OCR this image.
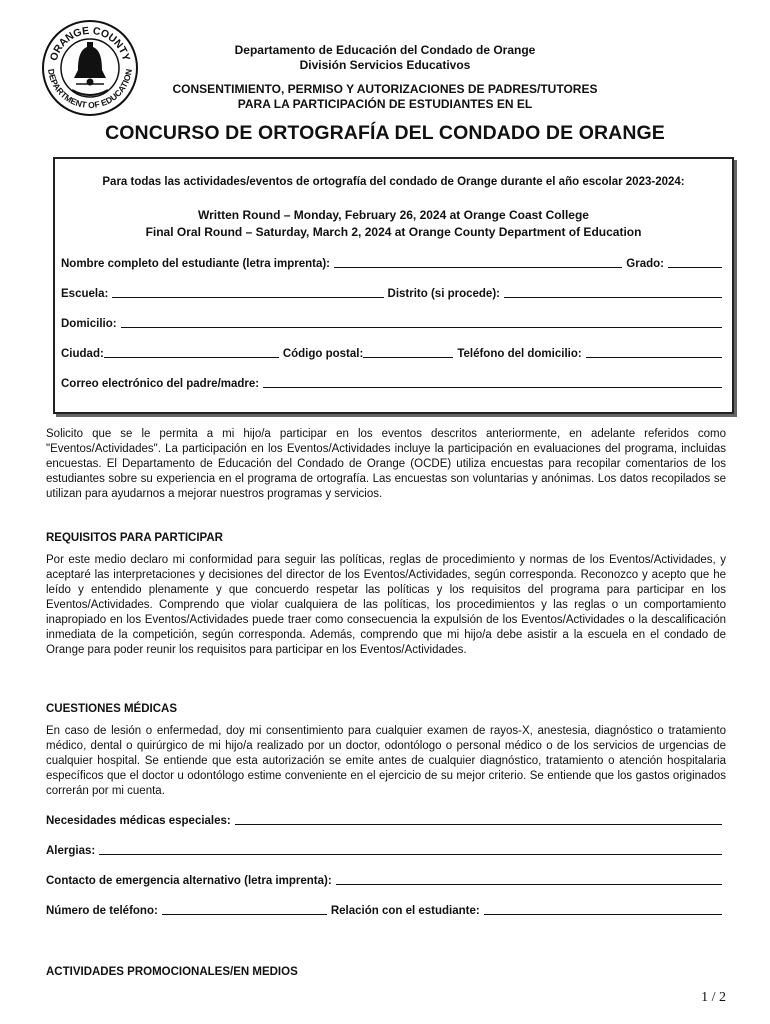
ORANGE COUNTY
DEPARTMENT OF EDUCATION
Departamento de Educación del Condado de Orange
División Servicios Educativos
CONSENTIMIENTO, PERMISO Y AUTORIZACIONES DE PADRES/TUTORES
PARA LA PARTICIPACIÓN DE ESTUDIANTES EN EL
CONCURSO DE ORTOGRAFÍA DEL CONDADO DE ORANGE
Para todas las actividades/eventos de ortografía del condado de Orange durante el año escolar 2023-2024:
Written Round – Monday, February 26, 2024 at Orange Coast College
Final Oral Round – Saturday, March 2, 2024 at Orange County Department of Education
Nombre completo del estudiante (letra imprenta):	Grado:
Escuela:	Distrito (si procede):
Domicilio:
Ciudad:	Código postal:	Teléfono del domicilio:
Correo electrónico del padre/madre:
Solicito que se le permita a mi hijo/a participar en los eventos descritos anteriormente, en adelante referidos como "Eventos/Actividades". La participación en los Eventos/Actividades incluye la participación en evaluaciones del programa, incluidas encuestas. El Departamento de Educación del Condado de Orange (OCDE) utiliza encuestas para recopilar comentarios de los estudiantes sobre su experiencia en el programa de ortografía. Las encuestas son voluntarias y anónimas. Los datos recopilados se utilizan para ayudarnos a mejorar nuestros programas y servicios.
REQUISITOS PARA PARTICIPAR
Por este medio declaro mi conformidad para seguir las políticas, reglas de procedimiento y normas de los Eventos/Actividades, y aceptaré las interpretaciones y decisiones del director de los Eventos/Actividades, según corresponda. Reconozco y acepto que he leído y entendido plenamente y que concuerdo respetar las políticas y los requisitos del programa para participar en los Eventos/Actividades. Comprendo que violar cualquiera de las políticas, los procedimientos y las reglas o un comportamiento inapropiado en los Eventos/Actividades puede traer como consecuencia la expulsión de los Eventos/Actividades o la descalificación inmediata de la competición, según corresponda. Además, comprendo que mi hijo/a debe asistir a la escuela en el condado de Orange para poder reunir los requisitos para participar en los Eventos/Actividades.
CUESTIONES MÉDICAS
En caso de lesión o enfermedad, doy mi consentimiento para cualquier examen de rayos-X, anestesia, diagnóstico o tratamiento médico, dental o quirúrgico de mi hijo/a realizado por un doctor, odontólogo o personal médico o de los servicios de urgencias de cualquier hospital. Se entiende que esta autorización se emite antes de cualquier diagnóstico, tratamiento o atención hospitalaria específicos que el doctor u odontólogo estime conveniente en el ejercicio de su mejor criterio. Se entiende que los gastos originados correrán por mi cuenta.
Necesidades médicas especiales:
Alergias:
Contacto de emergencia alternativo (letra imprenta):
Número de teléfono:	Relación con el estudiante:
ACTIVIDADES PROMOCIONALES/EN MEDIOS
1 / 2
